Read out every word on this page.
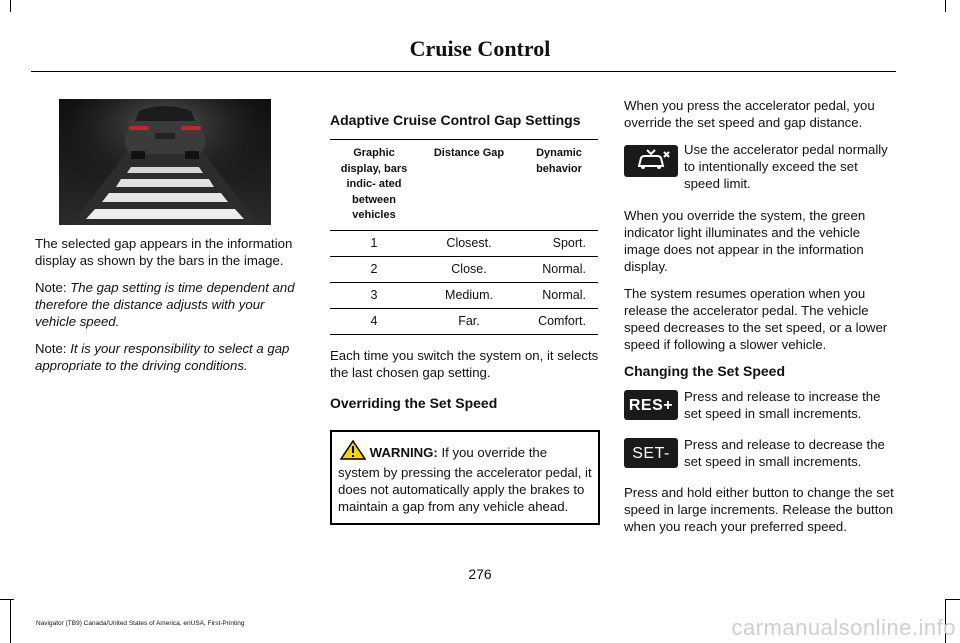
Cruise Control

The selected gap appears in the information display as shown by the bars in the image.

Note: The gap setting is time dependent and therefore the distance adjusts with your vehicle speed.

Note: It is your responsibility to select a gap appropriate to the driving conditions.

Adaptive Cruise Control Gap Settings
Graphic display, bars indic- ated between vehicles	Distance Gap	Dynamic behavior
1	Closest.	Sport.
2	Close.	Normal.
3	Medium.	Normal.
4	Far.	Comfort.

Each time you switch the system on, it selects the last chosen gap setting.

Overriding the Set Speed
WARNING: If you override the system by pressing the accelerator pedal, it does not automatically apply the brakes to maintain a gap from any vehicle ahead.

When you press the accelerator pedal, you override the set speed and gap distance.

Use the accelerator pedal normally to intentionally exceed the set speed limit.

When you override the system, the green indicator light illuminates and the vehicle image does not appear in the information display.

The system resumes operation when you release the accelerator pedal. The vehicle speed decreases to the set speed, or a lower speed if following a slower vehicle.

Changing the Set Speed
RES+ Press and release to increase the set speed in small increments.
SET- Press and release to decrease the set speed in small increments.

Press and hold either button to change the set speed in large increments. Release the button when you reach your preferred speed.

276
Navigator (TB9) Canada/United States of America, enUSA, First-Printing	carmanualsonline.info
